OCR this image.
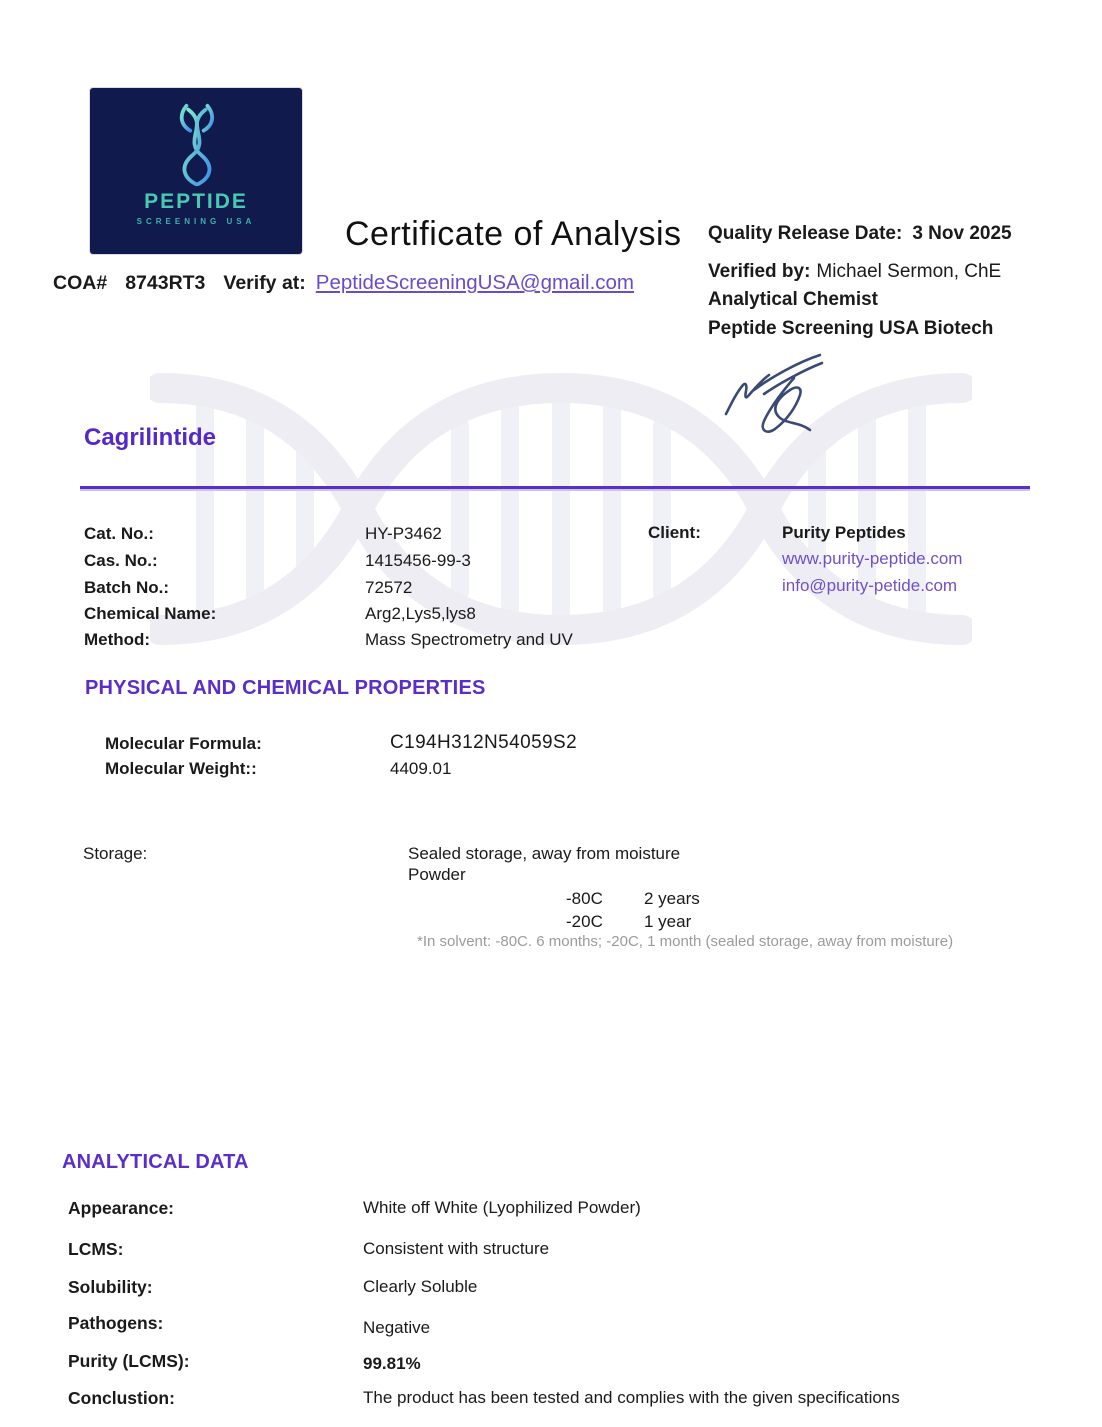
PEPTIDE
SCREENING USA	Certificate of Analysis Quality Release Date: 3 Nov 2025
Verified by: Michael Sermon, ChE
Analytical Chemist
Peptide Screening USA Biotech
COA# 8743RT3 Verify at: PeptideScreeningUSA@gmail.com
Cagrilintide
Cat. No.:	HY-P3462
Cas. No.:	1415456-99-3
Batch No.:	72572
Chemical Name:	Arg2,Lys5,lys8
Method:	Mass Spectrometry and UV
Client:	Purity Peptides
www.purity-peptide.com
info@purity-petide.com
PHYSICAL AND CHEMICAL PROPERTIES
Molecular Formula:	C194H312N54059S2
Molecular Weight::	4409.01
Storage:	Sealed storage, away from moisture
Powder
-80C	2 years
-20C	1 year
*In solvent: -80C. 6 months; -20C, 1 month (sealed storage, away from moisture)
ANALYTICAL DATA
Appearance:	White off White (Lyophilized Powder)
LCMS:	Consistent with structure
Solubility:	Clearly Soluble
Pathogens:	Negative
Purity (LCMS):	99.81%
Conclustion:	The product has been tested and complies with the given specifications
